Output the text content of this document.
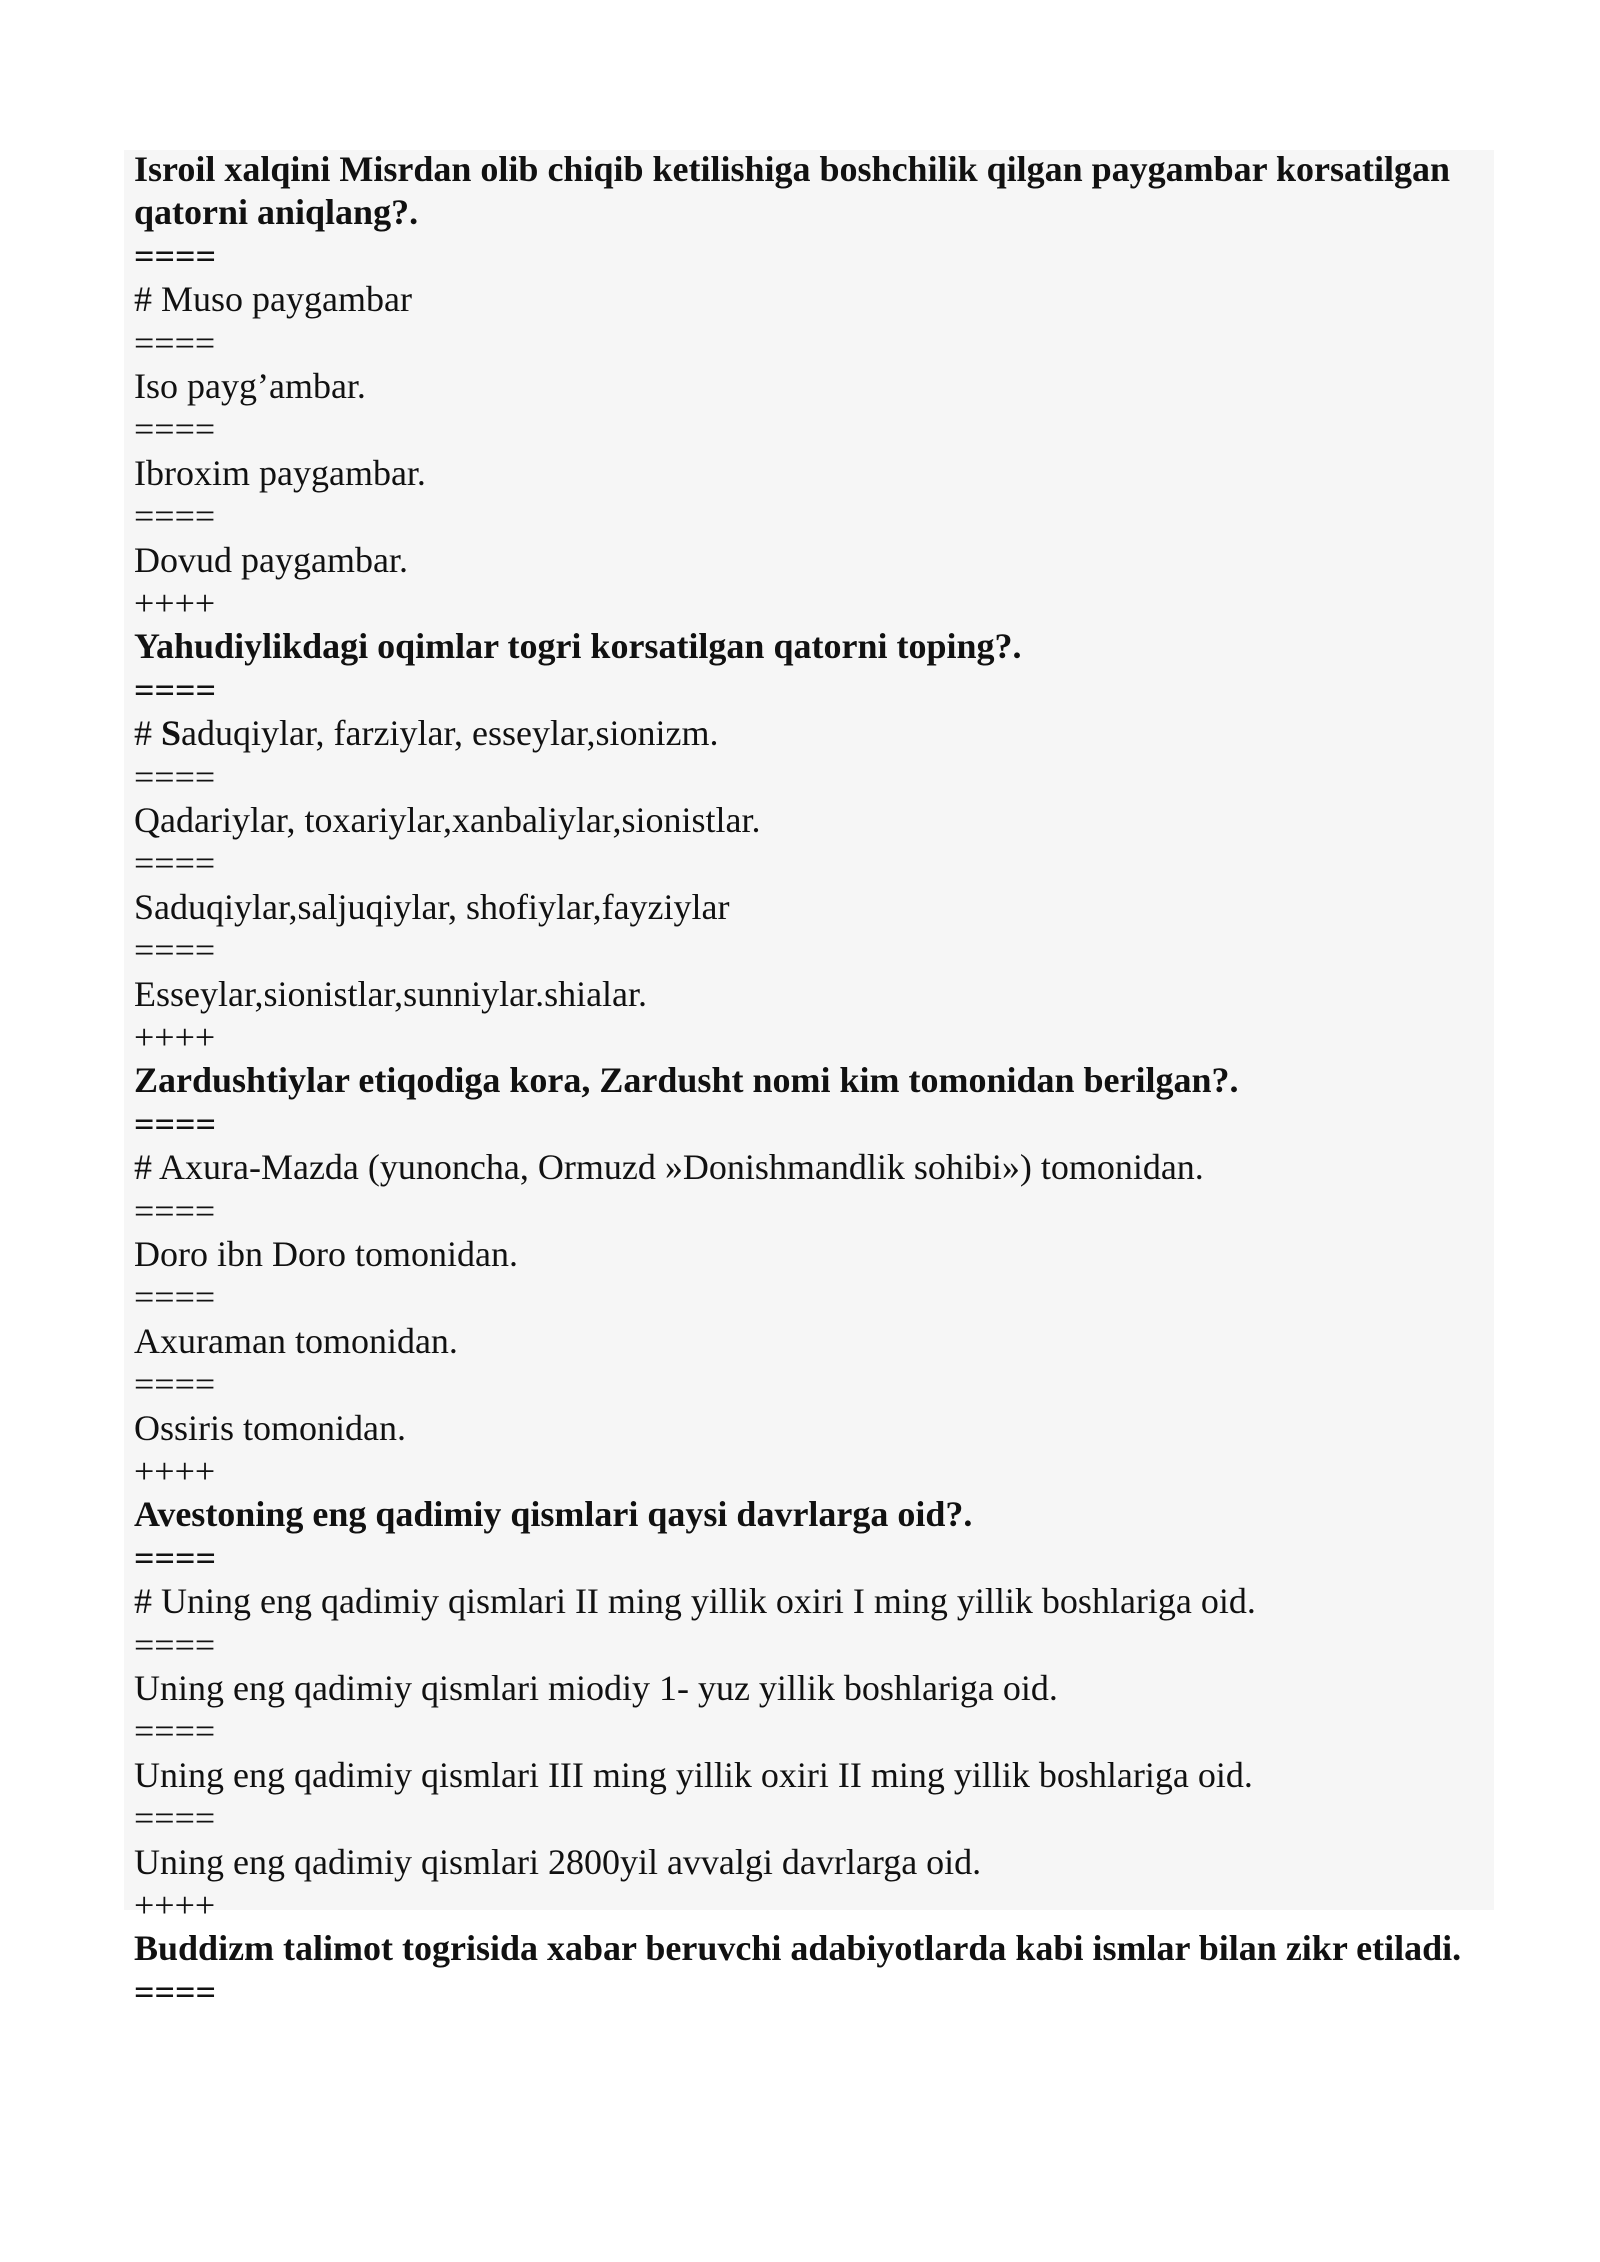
Isroil xalqini Misrdan olib chiqib ketilishiga boshchilik qilgan paygambar korsatilgan qatorni aniqlang?.
====
# Muso paygambar
====
Iso payg’ambar.
====
Ibroxim paygambar.
====
Dovud paygambar.
++++
Yahudiylikdagi oqimlar togri korsatilgan qatorni toping?.
====
# Saduqiylar, farziylar, esseylar,sionizm.
====
Qadariylar, toxariylar,xanbaliylar,sionistlar.
====
Saduqiylar,saljuqiylar, shofiylar,fayziylar
====
Esseylar,sionistlar,sunniylar.shialar.
++++
Zardushtiylar etiqodiga kora, Zardusht nomi kim tomonidan berilgan?.
====
# Axura-Mazda (yunoncha, Ormuzd »Donishmandlik sohibi») tomonidan.
====
Doro ibn Doro tomonidan.
====
Axuraman tomonidan.
====
Ossiris tomonidan.
++++
Avestoning eng qadimiy qismlari qaysi davrlarga oid?.
====
# Uning eng qadimiy qismlari II ming yillik oxiri I ming yillik boshlariga oid.
====
Uning eng qadimiy qismlari miodiy 1- yuz yillik boshlariga oid.
====
Uning eng qadimiy qismlari III ming yillik oxiri II ming yillik boshlariga oid.
====
Uning eng qadimiy qismlari 2800yil avvalgi davrlarga oid.
++++
Buddizm talimot togrisida xabar beruvchi adabiyotlarda kabi ismlar bilan zikr etiladi.
====
